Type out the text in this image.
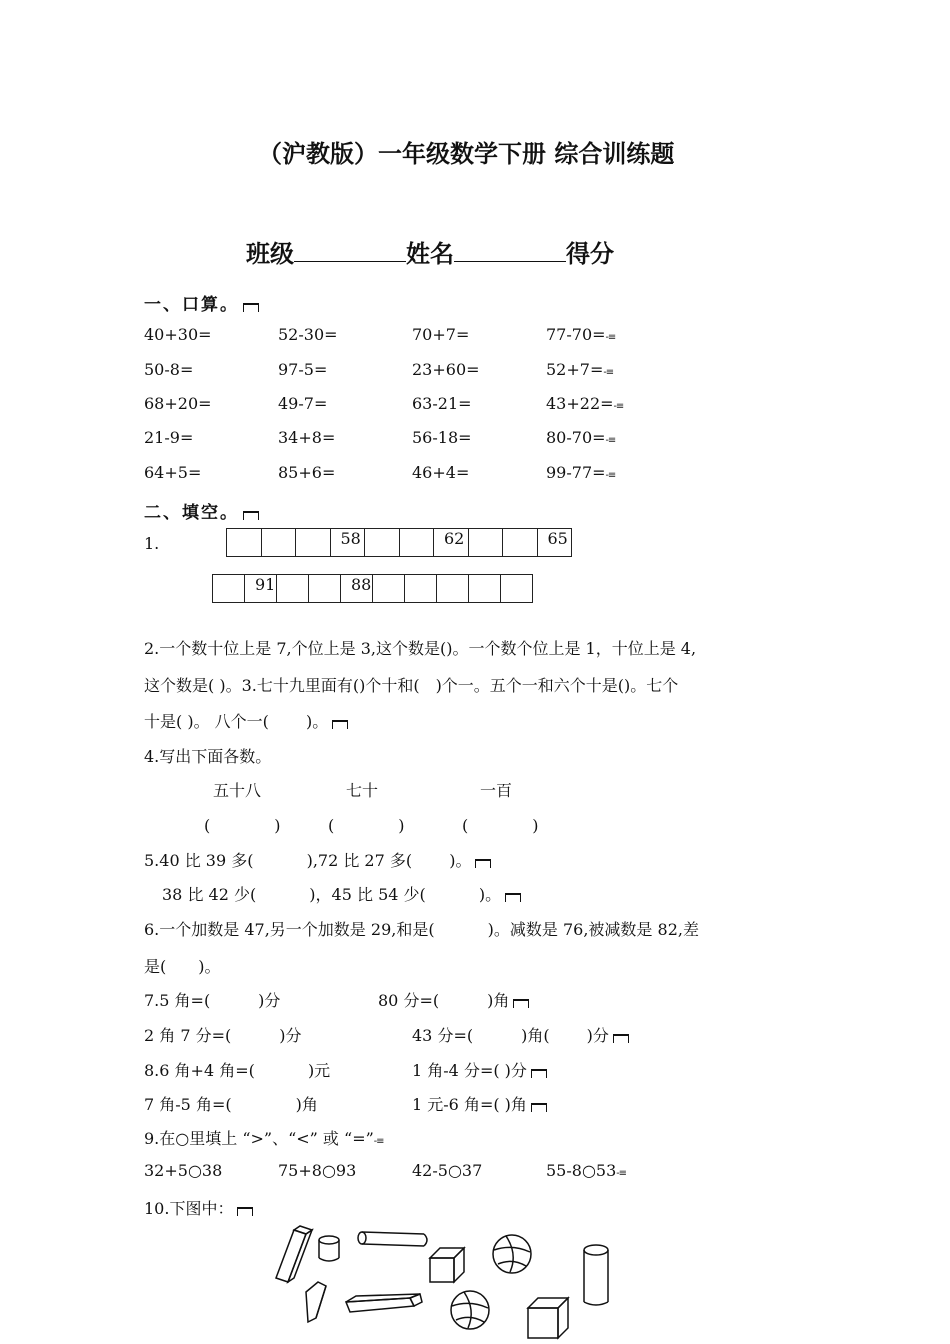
（沪教版）一年级数学下册 综合训练题
班级	姓名	得分
一、口算。
40+30=	52-30=	70+7=	77-70=-≡
50-8=	97-5=	23+60=	52+7=-≡
68+20=	49-7=	63-21=	43+22=-≡
21-9=	34+8=	56-18=	80-70=-≡
64+5=	85+6=	46+4=	99-77=-≡
二、填空。
1.
				58			62			65
	91			88					
2.一个数十位上是 7,个位上是 3,这个数是()。一个数个位上是 1，十位上是 4,
这个数是( )。3.七十九里面有()个十和(　)个一。五个一和六个十是()。七个
十是( )。 八个一(　　 )。
4.写出下面各数。
五十八	七十	一百
(　　　　)	(　　　　)	(　　　　)
5.40 比 39 多(　　　 ),72 比 27 多(　　 )。
38 比 42 少(　　　 )，45 比 54 少(　　　 )。
6.一个加数是 47,另一个加数是 29,和是(　　　 )。减数是 76,被减数是 82,差
是(　　)。
7.5 角=(　　　)分	80 分=(　　　)角
2 角 7 分=(　　　)分	43 分=(　　　)角(　　 )分
8.6 角+4 角=(　　　 )元	1 角-4 分=( )分
7 角-5 角=(　　　　)角	1 元-6 角=( )角
9.在○里填上 “>”、“<” 或 “=”-≡
32+5○38	75+8○93	42-5○37	55-8○53-≡
10.下图中：
